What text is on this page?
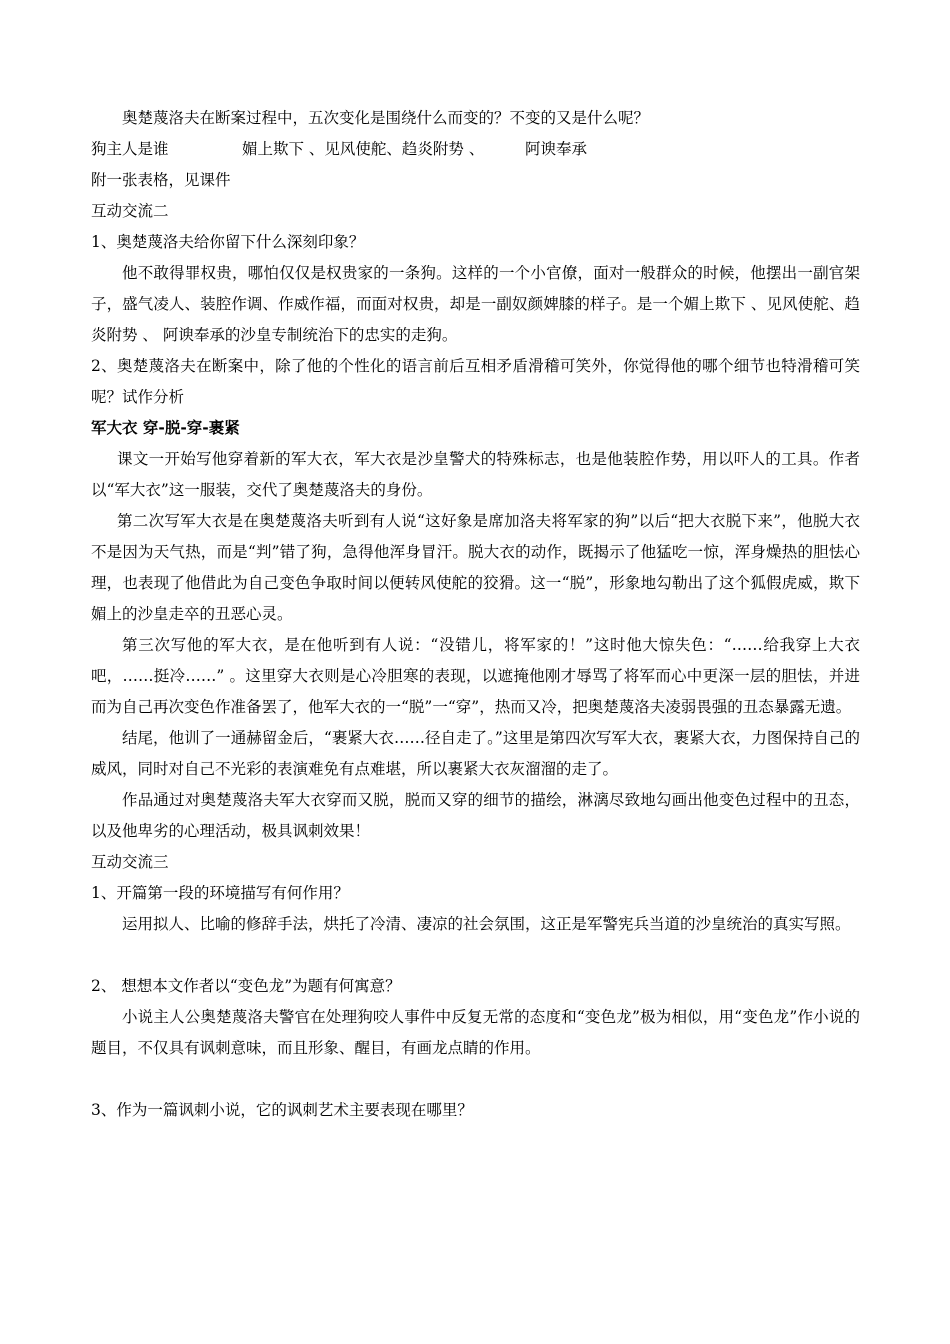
奥楚蔑洛夫在断案过程中，五次变化是围绕什么而变的？不变的又是什么呢？
狗主人是谁	媚上欺下 、见风使舵、趋炎附势 、	阿谀奉承
附一张表格，见课件
互动交流二
1、奥楚蔑洛夫给你留下什么深刻印象？
他不敢得罪权贵，哪怕仅仅是权贵家的一条狗。这样的一个小官僚，面对一般群众的时候，他摆出一副官架子，盛气凌人、装腔作调、作威作福，而面对权贵，却是一副奴颜婢膝的样子。是一个媚上欺下 、见风使舵、趋炎附势 、 阿谀奉承的沙皇专制统治下的忠实的走狗。
2、奥楚蔑洛夫在断案中，除了他的个性化的语言前后互相矛盾滑稽可笑外，你觉得他的哪个细节也特滑稽可笑呢？试作分析
军大衣 穿-脱-穿-裹紧
课文一开始写他穿着新的军大衣，军大衣是沙皇警犬的特殊标志，也是他装腔作势，用以吓人的工具。作者以“军大衣”这一服装，交代了奥楚蔑洛夫的身份。
第二次写军大衣是在奥楚蔑洛夫听到有人说“这好象是席加洛夫将军家的狗”以后“把大衣脱下来”，他脱大衣不是因为天气热，而是“判”错了狗，急得他浑身冒汗。脱大衣的动作，既揭示了他猛吃一惊，浑身燥热的胆怯心理，也表现了他借此为自己变色争取时间以便转风使舵的狡猾。这一“脱”，形象地勾勒出了这个狐假虎威，欺下媚上的沙皇走卒的丑恶心灵。
第三次写他的军大衣，是在他听到有人说：“没错儿，将军家的！”这时他大惊失色：“……给我穿上大衣吧，……挺冷……” 。这里穿大衣则是心冷胆寒的表现，以遮掩他刚才辱骂了将军而心中更深一层的胆怯，并进而为自己再次变色作准备罢了，他军大衣的一“脱”一“穿”，热而又冷，把奥楚蔑洛夫凌弱畏强的丑态暴露无遗。
结尾，他训了一通赫留金后，“裹紧大衣……径自走了。”这里是第四次写军大衣，裹紧大衣，力图保持自己的威风，同时对自己不光彩的表演难免有点难堪，所以裹紧大衣灰溜溜的走了。
作品通过对奥楚蔑洛夫军大衣穿而又脱，脱而又穿的细节的描绘，淋漓尽致地勾画出他变色过程中的丑态，以及他卑劣的心理活动，极具讽刺效果！
互动交流三
1、开篇第一段的环境描写有何作用？
运用拟人、比喻的修辞手法，烘托了冷清、凄凉的社会氛围，这正是军警宪兵当道的沙皇统治的真实写照。
2、 想想本文作者以“变色龙”为题有何寓意？
小说主人公奥楚蔑洛夫警官在处理狗咬人事件中反复无常的态度和“变色龙”极为相似，用“变色龙”作小说的题目，不仅具有讽刺意味，而且形象、醒目，有画龙点睛的作用。
3、作为一篇讽刺小说，它的讽刺艺术主要表现在哪里？
